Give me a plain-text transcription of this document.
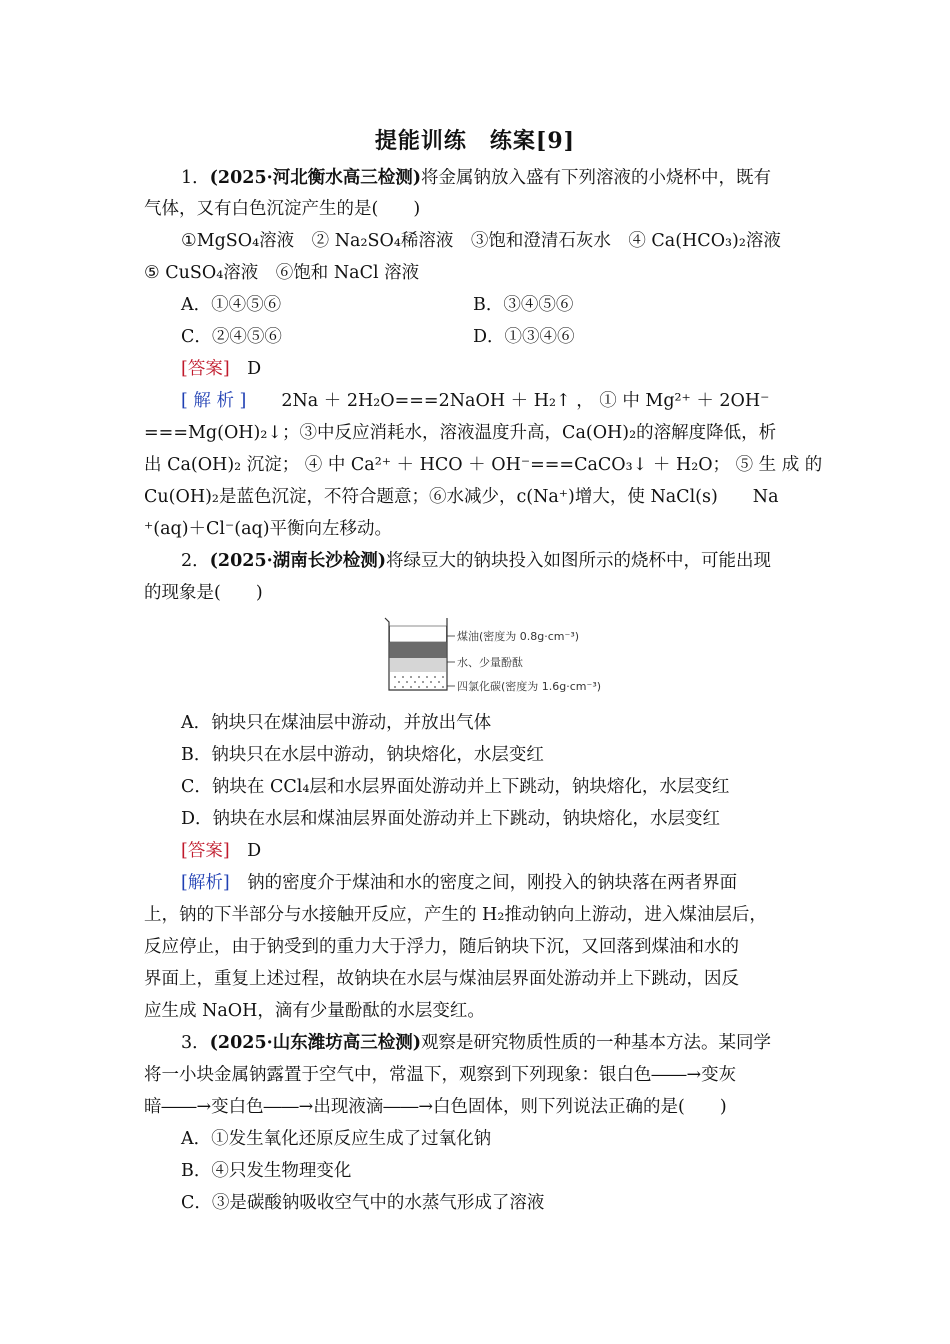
提能训练　练案[9]
1．(2025·河北衡水高三检测)将金属钠放入盛有下列溶液的小烧杯中，既有
气体，又有白色沉淀产生的是(　　)
①MgSO₄溶液　② Na₂SO₄稀溶液　③饱和澄清石灰水　④ Ca(HCO₃)₂溶液
⑤ CuSO₄溶液　⑥饱和 NaCl 溶液
A．①④⑤⑥	B．③④⑤⑥
C．②④⑤⑥	D．①③④⑥
[答案]　 D
[ 解 析 ]　　 2Na ＋ 2H₂O===2NaOH ＋ H₂↑ ， ① 中 Mg²⁺ ＋ 2OH⁻
===Mg(OH)₂↓；③中反应消耗水，溶液温度升高，Ca(OH)₂的溶解度降低，析
出 Ca(OH)₂ 沉淀； ④ 中 Ca²⁺ ＋ HCO ＋ OH⁻===CaCO₃↓ ＋ H₂O； ⑤ 生 成 的
Cu(OH)₂是蓝色沉淀，不符合题意；⑥水减少，c(Na⁺)增大，使 NaCl(s)　　Na
⁺(aq)＋Cl⁻(aq)平衡向左移动。
2．(2025·湖南长沙检测)将绿豆大的钠块投入如图所示的烧杯中，可能出现
的现象是(　　)
煤油(密度为 0.8g·cm⁻³)
水、少量酚酞
四氯化碳(密度为 1.6g·cm⁻³)
A．钠块只在煤油层中游动，并放出气体
B．钠块只在水层中游动，钠块熔化，水层变红
C．钠块在 CCl₄层和水层界面处游动并上下跳动，钠块熔化，水层变红
D．钠块在水层和煤油层界面处游动并上下跳动，钠块熔化，水层变红
[答案]　 D
[解析]　 钠的密度介于煤油和水的密度之间，刚投入的钠块落在两者界面
上，钠的下半部分与水接触开反应，产生的 H₂推动钠向上游动，进入煤油层后，
反应停止，由于钠受到的重力大于浮力，随后钠块下沉，又回落到煤油和水的
界面上，重复上述过程，故钠块在水层与煤油层界面处游动并上下跳动，因反
应生成 NaOH，滴有少量酚酞的水层变红。
3．(2025·山东潍坊高三检测)观察是研究物质性质的一种基本方法。某同学
将一小块金属钠露置于空气中，常温下，观察到下列现象：银白色――→变灰
暗――→变白色――→出现液滴――→白色固体，则下列说法正确的是(　　)
A．①发生氧化还原反应生成了过氧化钠
B．④只发生物理变化
C．③是碳酸钠吸收空气中的水蒸气形成了溶液
